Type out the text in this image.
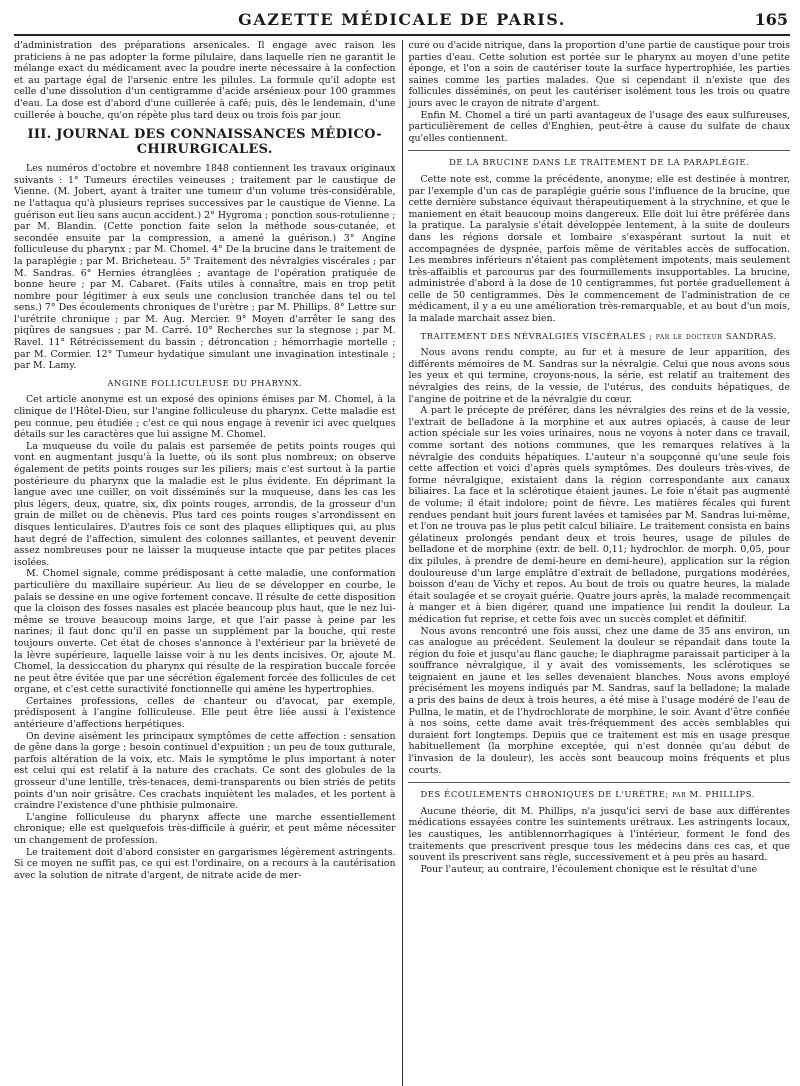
GAZETTE MÉDICALE DE PARIS.	165

d'administration des préparations arsenicales. Il engage avec raison les praticiens à ne pas adopter la forme pilulaire, dans laquelle rien ne garantit le mélange exact du médicament avec la poudre inerte nécessaire à la confection et au partage égal de l'arsenic entre les pilules. La formule qu'il adopte est celle d'une dissolution d'un centigramme d'acide arsénieux pour 100 grammes d'eau. La dose est d'abord d'une cuillerée à café; puis, dès le lendemain, d'une cuillerée à bouche, qu'on répète plus tard deux ou trois fois par jour.

III. JOURNAL DES CONNAISSANCES MÉDICO-CHIRURGICALES.

Les numéros d'octobre et novembre 1848 contiennent les travaux originaux suivants : 1° Tumeurs érectiles veineuses ; traitement par le caustique de Vienne. (M. Jobert, ayant à traiter une tumeur d'un volume très-considérable, ne l'attaqua qu'à plusieurs reprises successives par le caustique de Vienne. La guérison eut lieu sans aucun accident.) 2° Hygroma ; ponction sous-rotulienne ; par M. Blandin. (Cette ponction faite selon la méthode sous-cutanée, et secondée ensuite par la compression, a amené la guérison.) 3° Angine folliculeuse du pharynx ; par M. Chomel. 4° De la brucine dans le traitement de la paraplégie ; par M. Bricheteau. 5° Traitement des névralgies viscérales ; par M. Sandras. 6° Hernies étranglées ; avantage de l'opération pratiquée de bonne heure ; par M. Cabaret. (Faits utiles à connaître, mais en trop petit nombre pour légitimer à eux seuls une conclusion tranchée dans tel ou tel sens.) 7° Des écoulements chroniques de l'urètre ; par M. Phillips. 8° Lettre sur l'urétrite chronique ; par M. Aug. Mercier. 9° Moyen d'arrêter le sang des piqûres de sangsues ; par M. Carré. 10° Recherches sur la stegnose ; par M. Ravel. 11° Rétrécissement du bassin ; détroncation ; hémorrhagie mortelle ; par M. Cormier. 12° Tumeur hydatique simulant une invagination intestinale ; par M. Lamy.

ANGINE FOLLICULEUSE DU PHARYNX.

Cet article anonyme est un exposé des opinions émises par M. Chomel, à la clinique de l'Hôtel-Dieu, sur l'angine folliculeuse du pharynx. Cette maladie est peu connue, peu étudiée ; c'est ce qui nous engage à revenir ici avec quelques détails sur les caractères que lui assigne M. Chomel.

La muqueuse du voile du palais est parsemée de petits points rouges qui vont en augmentant jusqu'à la luette, où ils sont plus nombreux; on observe également de petits points rouges sur les piliers; mais c'est surtout à la partie postérieure du pharynx que la maladie est le plus évidente. En déprimant la langue avec une cuiller, on voit disséminés sur la muqueuse, dans les cas les plus légers, deux, quatre, six, dix points rouges, arrondis, de la grosseur d'un grain de millet ou de chènevis. Plus tard ces points rouges s'arrondissent en disques lenticulaires. D'autres fois ce sont des plaques elliptiques qui, au plus haut degré de l'affection, simulent des colonnes saillantes, et peuvent devenir assez nombreuses pour ne laisser la muqueuse intacte que par petites places isolées.

M. Chomel signale, comme prédisposant à cette maladie, une conformation particulière du maxillaire supérieur. Au lieu de se développer en courbe, le palais se dessine en une ogive fortement concave. Il résulte de cette disposition que la cloison des fosses nasales est placée beaucoup plus haut, que le nez lui-même se trouve beaucoup moins large, et que l'air passe à peine par les narines; il faut donc qu'il en passe un supplément par la bouche, qui reste toujours ouverte. Cet état de choses s'annonce à l'extérieur par la brièveté de la lèvre supérieure, laquelle laisse voir à nu les dents incisives. Or, ajoute M. Chomel, la dessiccation du pharynx qui résulte de la respiration buccale forcée ne peut être évitée que par une sécrétion également forcée des follicules de cet organe, et c'est cette suractivité fonctionnelle qui amène les hypertrophies.

Certaines professions, celles de chanteur ou d'avocat, par exemple, prédisposent à l'angine folliculeuse. Elle peut être liée aussi à l'existence antérieure d'affections herpétiques.

On devine aisément les principaux symptômes de cette affection : sensation de gêne dans la gorge ; besoin continuel d'expuition ; un peu de toux gutturale, parfois altération de la voix, etc. Mais le symptôme le plus important à noter est celui qui est relatif à la nature des crachats. Ce sont des globules de la grosseur d'une lentille, très-tenaces, demi-transparents ou bien striés de petits points d'un noir grisâtre. Ces crachats inquiètent les malades, et les portent à craindre l'existence d'une phthisie pulmonaire.

L'angine folliculeuse du pharynx affecte une marche essentiellement chronique; elle est quelquefois très-difficile à guérir, et peut même nécessiter un changement de profession.

Le traitement doit d'abord consister en gargarismes légèrement astringents. Si ce moyen ne suffit pas, ce qui est l'ordinaire, on a recours à la cautérisation avec la solution de nitrate d'argent, de nitrate acide de mer-

cure ou d'acide nitrique, dans la proportion d'une partie de caustique pour trois parties d'eau. Cette solution est portée sur le pharynx au moyen d'une petite éponge, et l'on a soin de cautériser toute la surface hypertrophiée, les parties saines comme les parties malades. Que si cependant il n'existe que des follicules disséminés, on peut les cautériser isolément tous les trois ou quatre jours avec le crayon de nitrate d'argent.

Enfin M. Chomel a tiré un parti avantageux de l'usage des eaux sulfureuses, particulièrement de celles d'Enghien, peut-être à cause du sulfate de chaux qu'elles contiennent.

DE LA BRUCINE DANS LE TRAITEMENT DE LA PARAPLÉGIE.

Cette note est, comme la précédente, anonyme; elle est destinée à montrer, par l'exemple d'un cas de paraplégie guérie sous l'influence de la brucine, que cette dernière substance équivaut thérapeutiquement à la strychnine, et que le maniement en était beaucoup moins dangereux. Elle doit lui être préférée dans la pratique. La paralysie s'était développée lentement, à la suite de douleurs dans les régions dorsale et lombaire s'exaspérant surtout la nuit et accompagnées de dyspnée, parfois même de véritables accès de suffocation. Les membres inférieurs n'étaient pas complètement impotents, mais seulement très-affaiblis et parcourus par des fourmillements insupportables. La brucine, administrée d'abord à la dose de 10 centigrammes, fut portée graduellement à celle de 50 centigrammes. Dès le commencement de l'administration de ce médicament, il y a eu une amélioration très-remarquable, et au bout d'un mois, la malade marchait assez bien.

TRAITEMENT DES NÉVRALGIES VISCÉRALES ; par le docteur SANDRAS.

Nous avons rendu compte, au fur et à mesure de leur apparition, des différents mémoires de M. Sandras sur la névralgie. Celui que nous avons sous les yeux et qui termine, croyons-nous, la série, est relatif au traitement des névralgies des reins, de la vessie, de l'utérus, des conduits hépatiques, de l'angine de poitrine et de la névralgie du cœur.

A part le précepte de préférer, dans les névralgies des reins et de la vessie, l'extrait de belladone à la morphine et aux autres opiacés, à cause de leur action spéciale sur les voies urinaires, nous ne voyons à noter dans ce travail, comme sortant des notions communes, que les remarques relatives à la névralgie des conduits hépatiques. L'auteur n'a soupçonné qu'une seule fois cette affection et voici d'après quels symptômes. Des douleurs très-vives, de forme névralgique, existaient dans la région correspondante aux canaux biliaires. La face et la sclérotique étaient jaunes. Le foie n'était pas augmenté de volume; il était indolore; point de fièvre. Les matières fécales qui furent rendues pendant huit jours furent lavées et tamisées par M. Sandras lui-même, et l'on ne trouva pas le plus petit calcul biliaire. Le traitement consista en bains gélatineux prolongés pendant deux et trois heures, usage de pilules de belladone et de morphine (extr. de bell. 0,11; hydrochlor. de morph. 0,05, pour dix pilules, à prendre de demi-heure en demi-heure), application sur la région douloureuse d'un large emplâtre d'extrait de belladone, purgations modérées, boisson d'eau de Vichy et repos. Au bout de trois ou quatre heures, la malade était soulagée et se croyait guérie. Quatre jours après, la malade recommençait à manger et à bien digérer, quand une impatience lui rendit la douleur. La médication fut reprise, et cette fois avec un succès complet et définitif.

Nous avons rencontré une fois aussi, chez une dame de 35 ans environ, un cas analogue au précédent. Seulement la douleur se répandait dans toute la région du foie et jusqu'au flanc gauche; le diaphragme paraissait participer à la souffrance névralgique, il y avait des vomissements, les sclérotiques se teignaient en jaune et les selles devenaient blanches. Nous avons employé précisément les moyens indiqués par M. Sandras, sauf la belladone; la malade a pris des bains de deux à trois heures, a été mise à l'usage modéré de l'eau de Pullna, le matin, et de l'hydrochlorate de morphine, le soir. Avant d'être confiée à nos soins, cette dame avait très-fréquemment des accès semblables qui duraient fort longtemps. Depuis que ce traitement est mis en usage presque habituellement (la morphine exceptée, qui n'est donnée qu'au début de l'invasion de la douleur), les accès sont beaucoup moins fréquents et plus courts.

DES ÉCOULEMENTS CHRONIQUES DE L'URÈTRE; par M. PHILLIPS.

Aucune théorie, dit M. Phillips, n'a jusqu'ici servi de base aux différentes médications essayées contre les suintements urétraux. Les astringents locaux, les caustiques, les antiblennorrhagiques à l'intérieur, forment le fond des traitements que prescrivent presque tous les médecins dans ces cas, et que souvent ils prescrivent sans règle, successivement et à peu près au hasard.

Pour l'auteur, au contraire, l'écoulement chonique est le résultat d'une
